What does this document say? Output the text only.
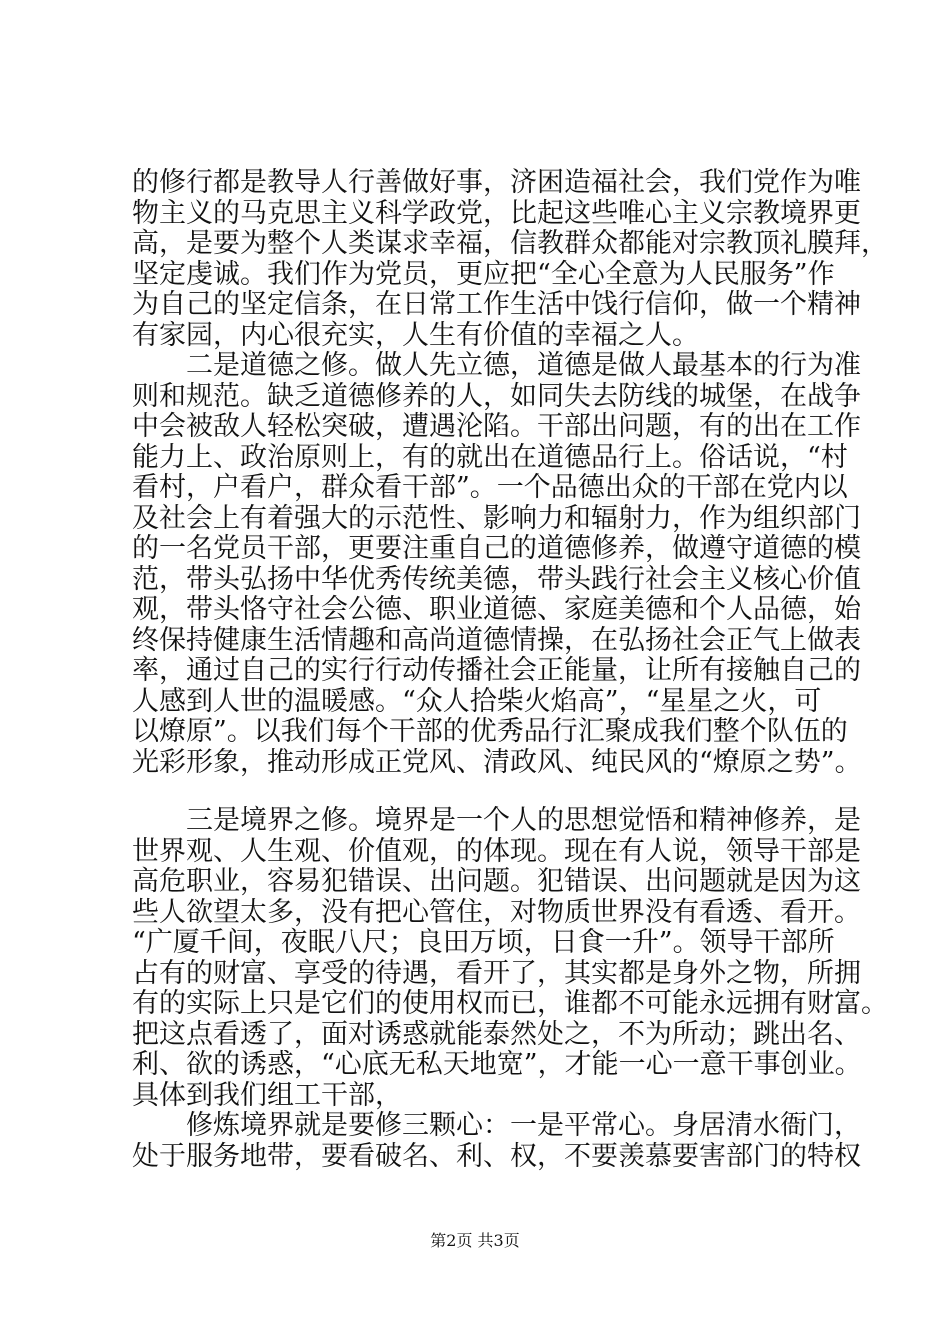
的修行都是教导人行善做好事，济困造福社会，我们党作为唯
物主义的马克思主义科学政党，比起这些唯心主义宗教境界更
高，是要为整个人类谋求幸福，信教群众都能对宗教顶礼膜拜，
坚定虔诚。我们作为党员，更应把“全心全意为人民服务”作
为自己的坚定信条，在日常工作生活中饯行信仰，做一个精神
有家园，内心很充实，人生有价值的幸福之人。
　　二是道德之修。做人先立德，道德是做人最基本的行为准
则和规范。缺乏道德修养的人，如同失去防线的城堡，在战争
中会被敌人轻松突破，遭遇沦陷。干部出问题，有的出在工作
能力上、政治原则上，有的就出在道德品行上。俗话说，“村
看村，户看户，群众看干部”。一个品德出众的干部在党内以
及社会上有着强大的示范性、影响力和辐射力，作为组织部门
的一名党员干部，更要注重自己的道德修养，做遵守道德的模
范，带头弘扬中华优秀传统美德，带头践行社会主义核心价值
观，带头恪守社会公德、职业道德、家庭美德和个人品德，始
终保持健康生活情趣和高尚道德情操，在弘扬社会正气上做表
率，通过自己的实行行动传播社会正能量，让所有接触自己的
人感到人世的温暖感。“众人拾柴火焰高”，“星星之火，可
以燎原”。以我们每个干部的优秀品行汇聚成我们整个队伍的
光彩形象，推动形成正党风、清政风、纯民风的“燎原之势”。
　　三是境界之修。境界是一个人的思想觉悟和精神修养，是
世界观、人生观、价值观，的体现。现在有人说，领导干部是
高危职业，容易犯错误、出问题。犯错误、出问题就是因为这
些人欲望太多，没有把心管住，对物质世界没有看透、看开。
“广厦千间，夜眠八尺；良田万顷，日食一升”。领导干部所
占有的财富、享受的待遇，看开了，其实都是身外之物，所拥
有的实际上只是它们的使用权而已，谁都不可能永远拥有财富。
把这点看透了，面对诱惑就能泰然处之，不为所动；跳出名、
利、欲的诱惑，“心底无私天地宽”，才能一心一意干事创业。
具体到我们组工干部，
　　修炼境界就是要修三颗心：一是平常心。身居清水衙门，
处于服务地带，要看破名、利、权，不要羡慕要害部门的特权
第2页 共3页
